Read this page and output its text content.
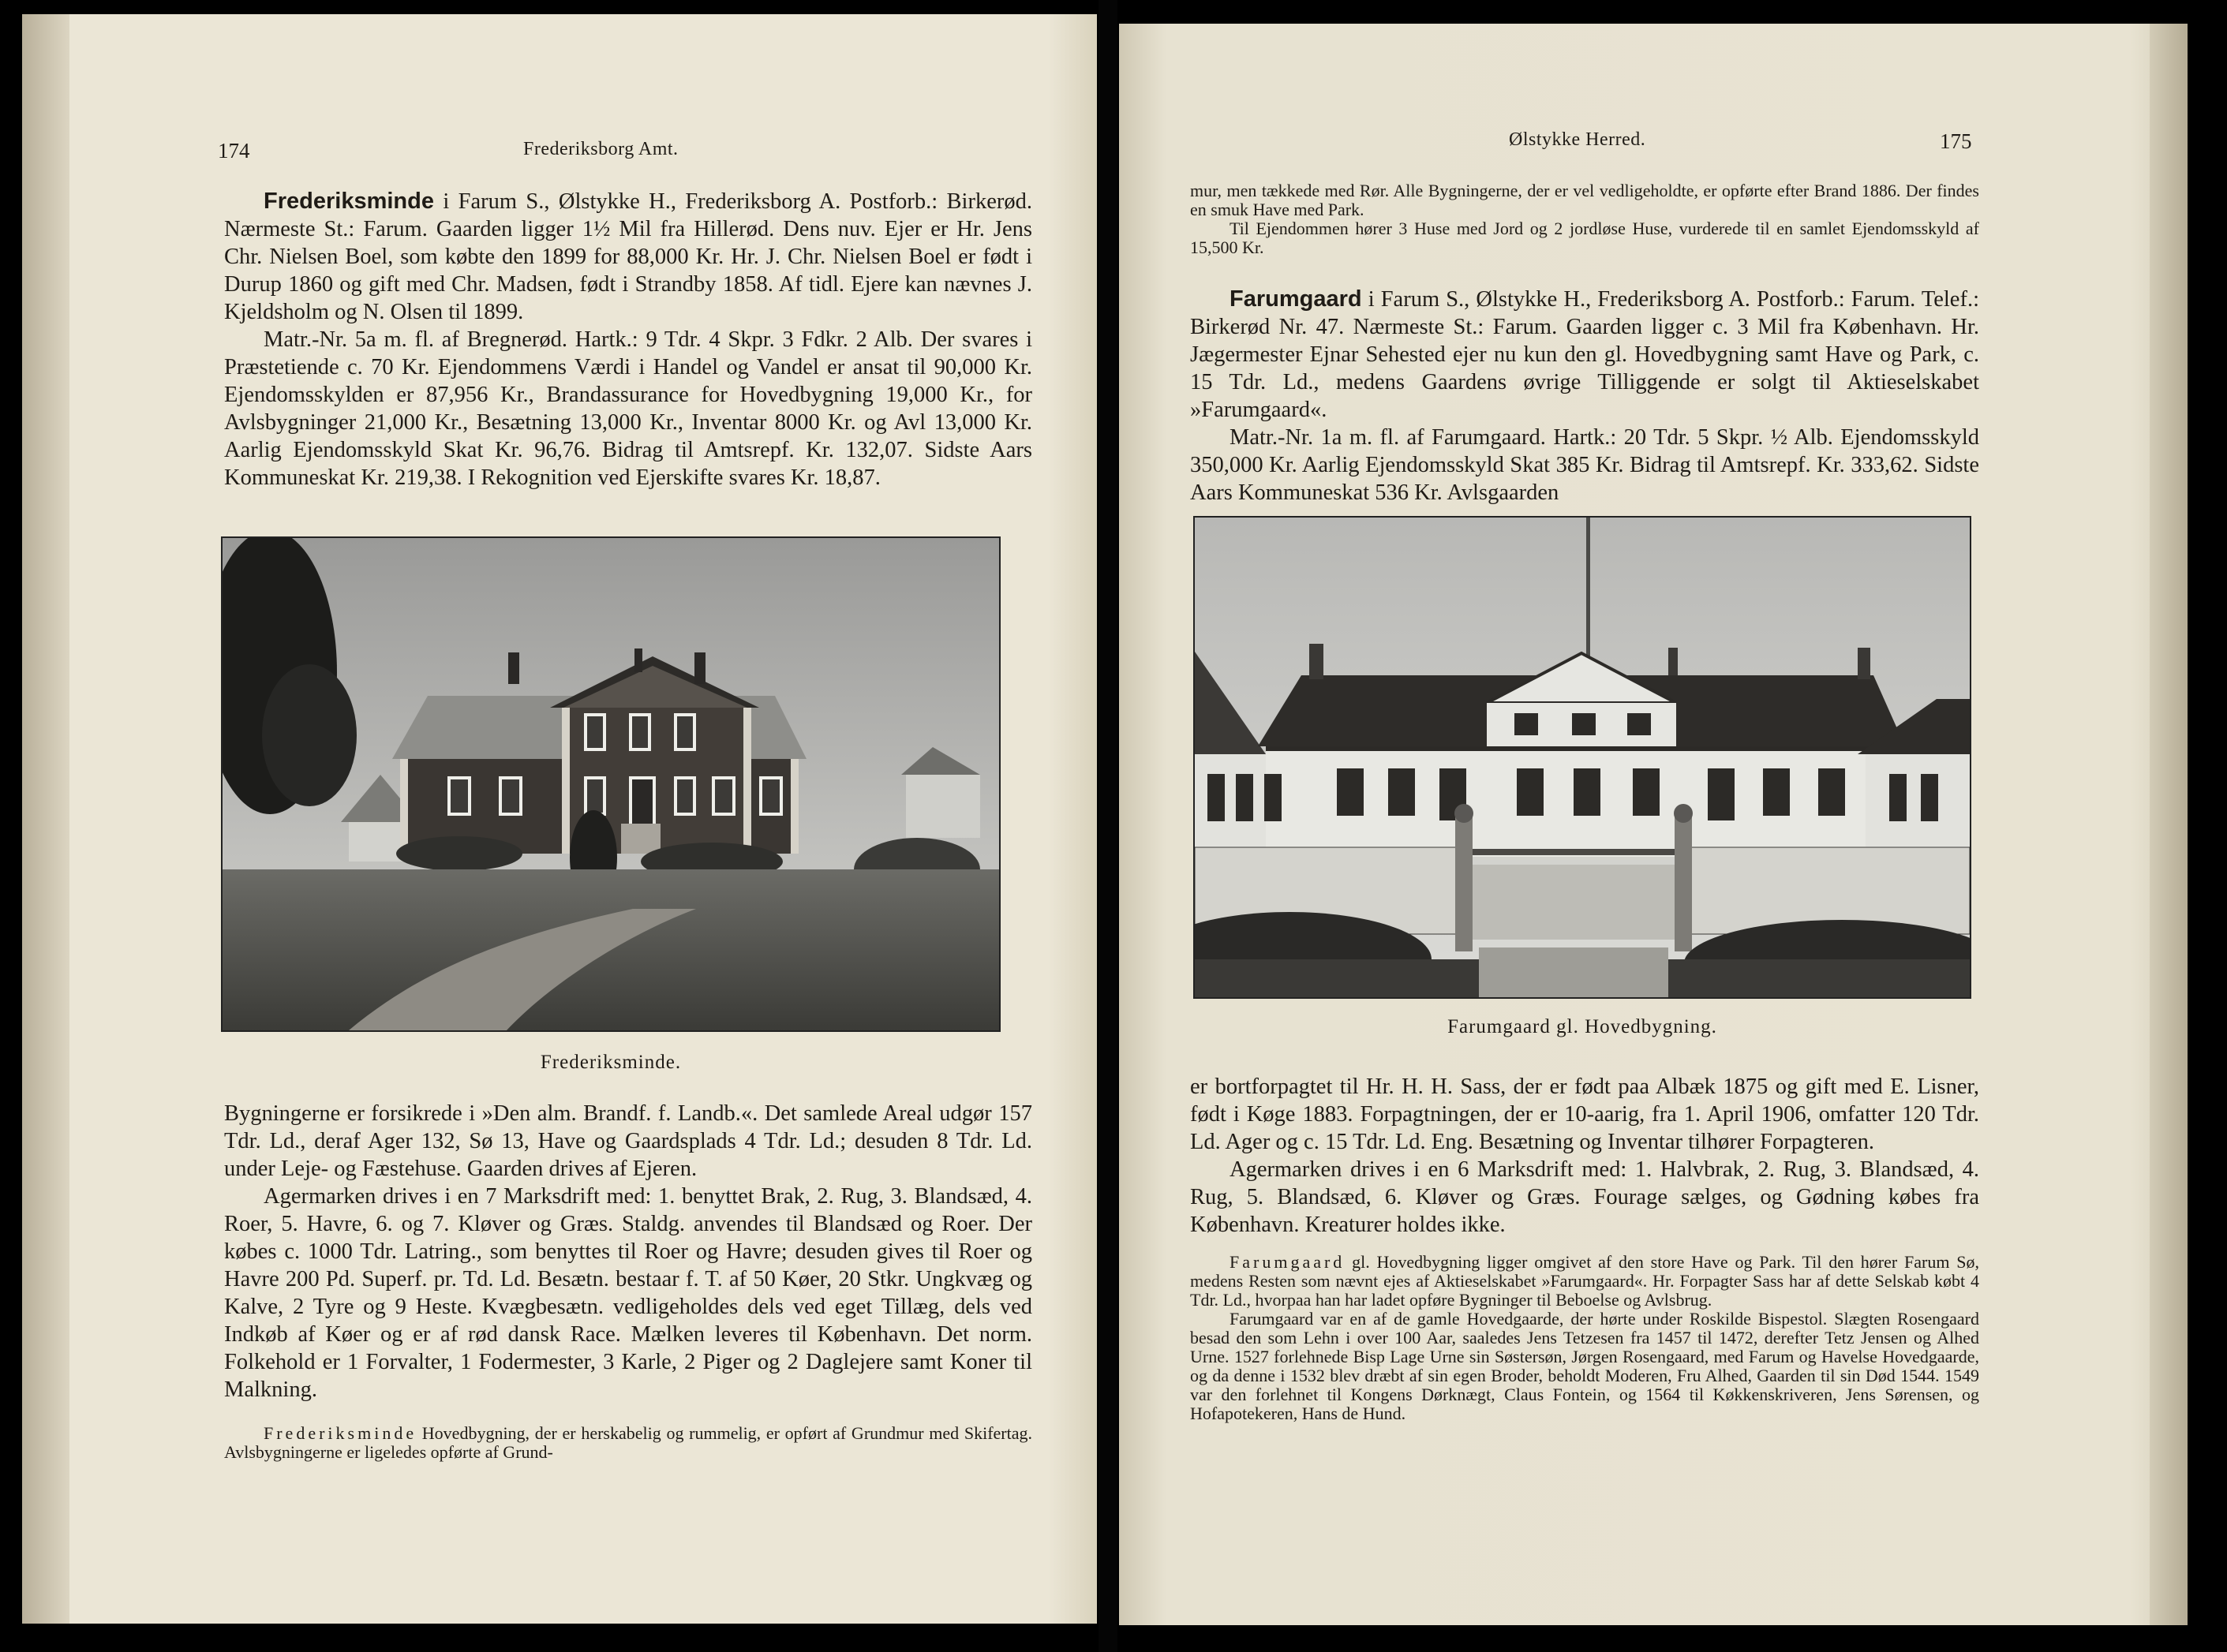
174	Frederiksborg Amt.

Frederiksminde i Farum S., Ølstykke H., Frederiksborg A. Postforb.: Birkerød. Nærmeste St.: Farum. Gaarden ligger 1½ Mil fra Hillerød. Dens nuv. Ejer er Hr. Jens Chr. Nielsen Boel, som købte den 1899 for 88,000 Kr. Hr. J. Chr. Nielsen Boel er født i Durup 1860 og gift med Chr. Madsen, født i Strandby 1858. Af tidl. Ejere kan nævnes J. Kjeldsholm og N. Olsen til 1899.

Matr.-Nr. 5a m. fl. af Bregnerød. Hartk.: 9 Tdr. 4 Skpr. 3 Fdkr. 2 Alb. Der svares i Præstetiende c. 70 Kr. Ejendommens Værdi i Handel og Vandel er ansat til 90,000 Kr. Ejendomsskylden er 87,956 Kr., Brandassurance for Hovedbygning 19,000 Kr., for Avlsbygninger 21,000 Kr., Besætning 13,000 Kr., Inventar 8000 Kr. og Avl 13,000 Kr. Aarlig Ejendomsskyld Skat Kr. 96,76. Bidrag til Amtsrepf. Kr. 132,07. Sidste Aars Kommuneskat Kr. 219,38. I Rekognition ved Ejerskifte svares Kr. 18,87.

Frederiksminde.

Bygningerne er forsikrede i »Den alm. Brandf. f. Landb.«. Det samlede Areal udgør 157 Tdr. Ld., deraf Ager 132, Sø 13, Have og Gaardsplads 4 Tdr. Ld.; desuden 8 Tdr. Ld. under Leje- og Fæstehuse. Gaarden drives af Ejeren.

Agermarken drives i en 7 Marksdrift med: 1. benyttet Brak, 2. Rug, 3. Blandsæd, 4. Roer, 5. Havre, 6. og 7. Kløver og Græs. Staldg. anvendes til Blandsæd og Roer. Der købes c. 1000 Tdr. Latring., som benyttes til Roer og Havre; desuden gives til Roer og Havre 200 Pd. Superf. pr. Td. Ld. Besætn. bestaar f. T. af 50 Køer, 20 Stkr. Ungkvæg og Kalve, 2 Tyre og 9 Heste. Kvægbesætn. vedligeholdes dels ved eget Tillæg, dels ved Indkøb af Køer og er af rød dansk Race. Mælken leveres til København. Det norm. Folkehold er 1 Forvalter, 1 Fodermester, 3 Karle, 2 Piger og 2 Daglejere samt Koner til Malkning.

Frederiksminde Hovedbygning, der er herskabelig og rummelig, er opført af Grundmur med Skifertag. Avlsbygningerne er ligeledes opførte af Grund-

Ølstykke Herred.	175

mur, men tækkede med Rør. Alle Bygningerne, der er vel vedligeholdte, er opførte efter Brand 1886. Der findes en smuk Have med Park.

Til Ejendommen hører 3 Huse med Jord og 2 jordløse Huse, vurderede til en samlet Ejendomsskyld af 15,500 Kr.

Farumgaard i Farum S., Ølstykke H., Frederiksborg A. Postforb.: Farum. Telef.: Birkerød Nr. 47. Nærmeste St.: Farum. Gaarden ligger c. 3 Mil fra København. Hr. Jægermester Ejnar Sehested ejer nu kun den gl. Hovedbygning samt Have og Park, c. 15 Tdr. Ld., medens Gaardens øvrige Tilliggende er solgt til Aktieselskabet »Farumgaard«.

Matr.-Nr. 1a m. fl. af Farumgaard. Hartk.: 20 Tdr. 5 Skpr. ½ Alb. Ejendomsskyld 350,000 Kr. Aarlig Ejendomsskyld Skat 385 Kr. Bidrag til Amtsrepf. Kr. 333,62. Sidste Aars Kommuneskat 536 Kr. Avlsgaarden

Farumgaard gl. Hovedbygning.

er bortforpagtet til Hr. H. H. Sass, der er født paa Albæk 1875 og gift med E. Lisner, født i Køge 1883. Forpagtningen, der er 10-aarig, fra 1. April 1906, omfatter 120 Tdr. Ld. Ager og c. 15 Tdr. Ld. Eng. Besætning og Inventar tilhører Forpagteren.

Agermarken drives i en 6 Marksdrift med: 1. Halvbrak, 2. Rug, 3. Blandsæd, 4. Rug, 5. Blandsæd, 6. Kløver og Græs. Fourage sælges, og Gødning købes fra København. Kreaturer holdes ikke.

Farumgaard gl. Hovedbygning ligger omgivet af den store Have og Park. Til den hører Farum Sø, medens Resten som nævnt ejes af Aktieselskabet »Farumgaard«. Hr. Forpagter Sass har af dette Selskab købt 4 Tdr. Ld., hvorpaa han har ladet opføre Bygninger til Beboelse og Avlsbrug.

Farumgaard var en af de gamle Hovedgaarde, der hørte under Roskilde Bispestol. Slægten Rosengaard besad den som Lehn i over 100 Aar, saaledes Jens Tetzesen fra 1457 til 1472, derefter Tetz Jensen og Alhed Urne. 1527 forlehnede Bisp Lage Urne sin Søstersøn, Jørgen Rosengaard, med Farum og Havelse Hovedgaarde, og da denne i 1532 blev dræbt af sin egen Broder, beholdt Moderen, Fru Alhed, Gaarden til sin Død 1544. 1549 var den forlehnet til Kongens Dørknægt, Claus Fontein, og 1564 til Køkkenskriveren, Jens Sørensen, og Hofapotekeren, Hans de Hund.
